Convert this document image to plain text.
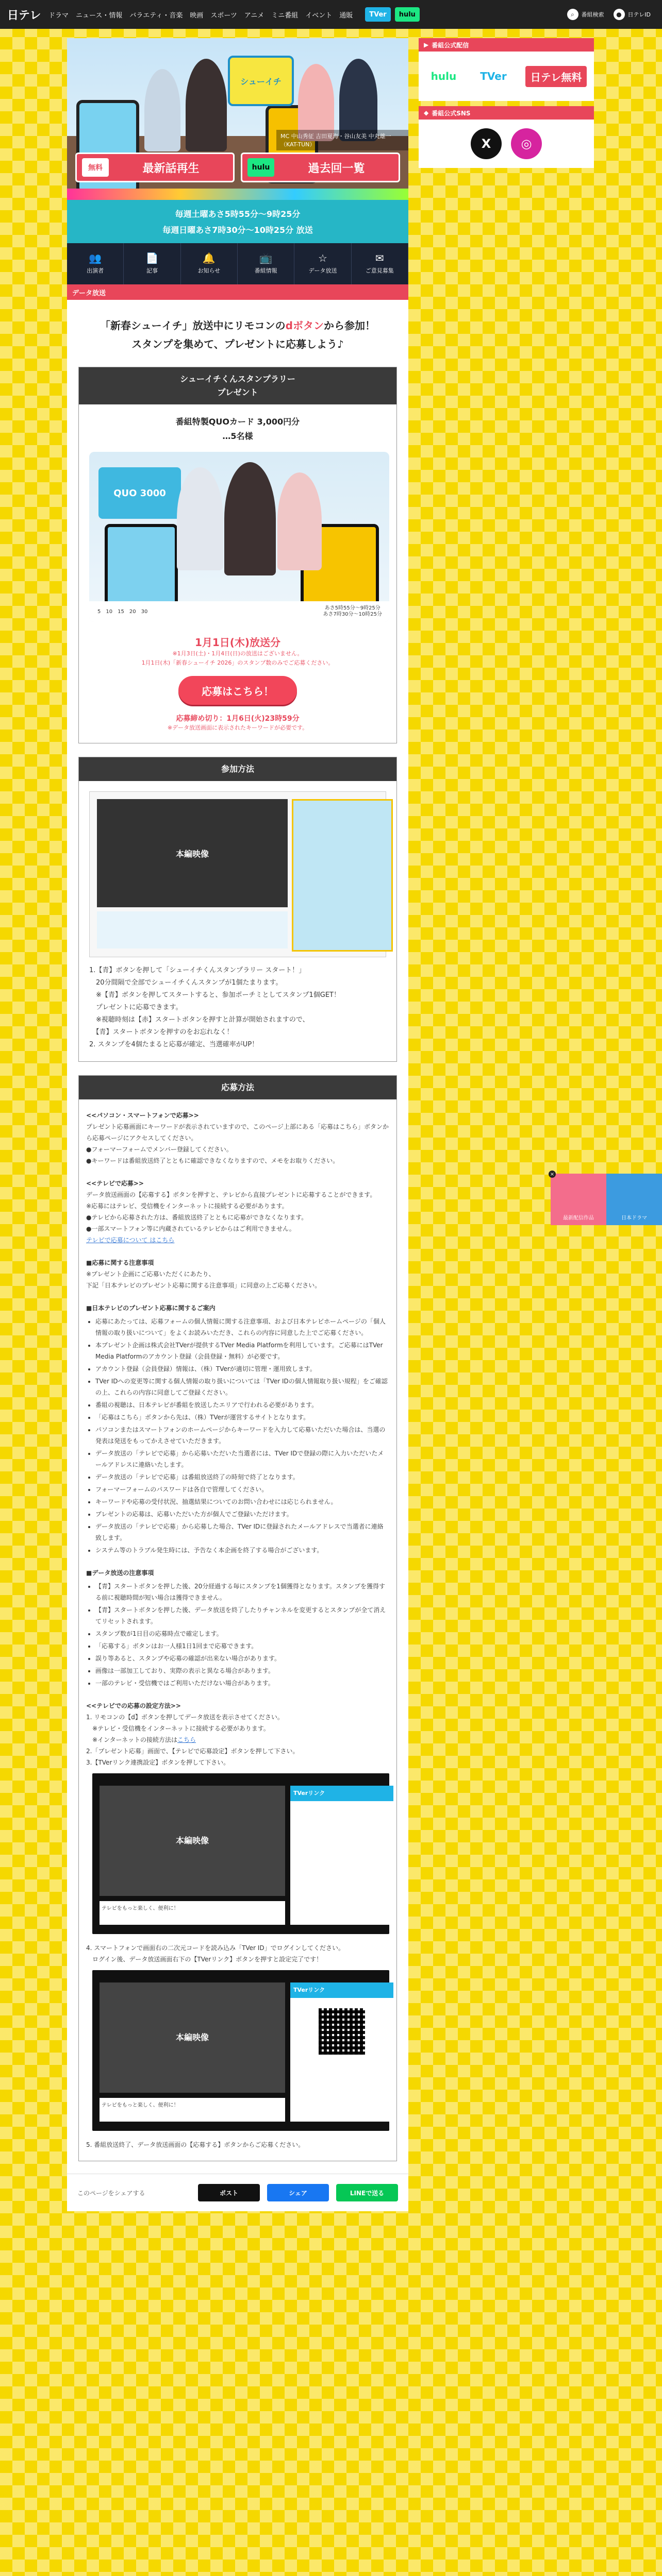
日テレ ドラマ ニュース・情報 バラエティ・音楽 映画 スポーツ アニメ ミニ番組 イベント 通販	TVer	hulu	⌕	番組検索	●	日テレID
シューイチ
MC 中山秀征 吉田夏海・谷山友美 中丸雄一（KAT-TUN）
無料	最新話再生	hulu	過去回一覧
毎週土曜あさ5時55分〜9時25分
毎週日曜あさ7時30分〜10時25分 放送
👥
出演者
📄
記事
🔔
お知らせ
📺
番組情報
☆
データ放送
✉
ご意見募集
データ放送
「新春シューイチ」放送中にリモコンのdボタンから参加！
スタンプを集めて、プレゼントに応募しよう♪
シューイチくんスタンプラリー
プレゼント
番組特製QUOカード 3,000円分
…5名様
QUO 3000
5 10 15 20 30
あさ5時55分〜9時25分
あさ7時30分〜10時25分
1月1日(木)放送分
※1月3日(土)・1月4日(日)の放送はございません。
1月1日(木)「新春シューイチ 2026」のスタンプ数のみでご応募ください。
応募はこちら！
応募締め切り：1月6日(火)23時59分
※データ放送画面に表示されたキーワードが必要です。
参加方法
本編映像
1.【青】ボタンを押して「シューイチくんスタンプラリー スタート！」
　20分間隔で全部でシューイチくんスタンプが1個たまります。
　※【青】ボタンを押してスタートすると、参加ポーチミとしてスタンプ1個GET！
　プレゼントに応募できます。
　※視聴時刻は【赤】スタートボタンを押すと計算が開始されますので、
　【青】スタートボタンを押すのをお忘れなく！
2. スタンプを4個たまると応募が確定、当選確率がUP！
応募方法
<<パソコン・スマートフォンで応募>>
プレゼント応募画面にキーワードが表示されていますので、このページ上部にある「応募はこちら」ボタンから応募ページにアクセスしてください。
●フォーマーフォームでメンバー登録してください。
●キーワードは番組放送終了とともに確認できなくなりますので、メモをお取りください。
<<テレビで応募>>
データ放送画面の【応募する】ボタンを押すと、テレビから直接プレゼントに応募することができます。
※応募にはテレビ、受信機をインターネットに接続する必要があります。
●テレビから応募された方は、番組放送終了とともに応募ができなくなります。
●一部スマートフォン等に内蔵されているテレビからはご利用できません。
テレビで応募について はこちら
■応募に関する注意事項
※プレゼント企画にご応募いただくにあたり、
下記「日本テレビのプレゼント応募に関する注意事項」に同意の上ご応募ください。
■日本テレビのプレゼント応募に関するご案内
• 応募にあたっては、応募フォームの個人情報に関する注意事項、および日本テレビホームページの「個人情報の取り扱いについて」をよくお読みいただき、これらの内容に同意した上でご応募ください。
• 本プレゼント企画は株式会社TVerが提供するTVer Media Platformを利用しています。ご応募にはTVer Media Platformのアカウント登録（会員登録・無料）が必要です。
• アカウント登録（会員登録）情報は、（株）TVerが適切に管理・運用致します。
• TVer IDへの変更等に関する個人情報の取り扱いについては「TVer IDの個人情報取り扱い規程」をご確認の上、これらの内容に同意してご登録ください。
• 番組の視聴は、日本テレビが番組を放送したエリアで行われる必要があります。
• 「応募はこちら」ボタンから先は、（株）TVerが運営するサイトとなります。
• パソコンまたはスマートフォンのホームページからキーワードを入力して応募いただいた場合は、当選の発表は発送をもってかえさせていただきます。
• データ放送の「テレビで応募」から応募いただいた当選者には、TVer IDで登録の際に入力いただいたメールアドレスに連絡いたします。
• データ放送の「テレビで応募」は番組放送終了の時刻で終了となります。
• フォーマーフォームのパスワードは各自で管理してください。
• キーワードや応募の受付状況、抽選結果についてのお問い合わせには応じられません。
• プレゼントの応募は、応募いただいた方が個人でご登録いただけます。
• データ放送の「テレビで応募」から応募した場合、TVer IDに登録されたメールアドレスで当選者に連絡致します。
• システム等のトラブル発生時には、予告なく本企画を終了する場合がございます。
■データ放送の注意事項
• 【青】スタートボタンを押した後、20分経過する毎にスタンプを1個獲得となります。スタンプを獲得する前に視聴時間が短い場合は獲得できません。
• 【青】スタートボタンを押した後、データ放送を終了したりチャンネルを変更するとスタンプが全て消えてリセットされます。
• スタンプ数が1日目の応募時点で確定します。
• 「応募する」ボタンはお一人様1日1回まで応募できます。
• 誤り等あると、スタンプや応募の確認が出来ない場合があります。
• 画像は一部加工しており、実際の表示と異なる場合があります。
• 一部のテレビ・受信機ではご利用いただけない場合があります。
<<テレビでの応募の設定方法>>
1. リモコンの【d】ボタンを押してデータ放送を表示させてください。
　※テレビ・受信機をインターネットに接続する必要があります。
　※インターネットの接続方法はこちら
2.「プレゼント応募」画面で、【テレビで応募設定】ボタンを押して下さい。
3.【TVerリンク連携設定】ボタンを押して下さい。
本編映像
TVerリンク
テレビをもっと楽しく、便利に！
4. スマートフォンで画面右の二次元コードを読み込み「TVer ID」でログインしてください。
　ログイン後、データ放送画面右下の【TVerリンク】ボタンを押すと設定完了です！
本編映像
TVerリンク
テレビをもっと楽しく、便利に！
5. 番組放送終了、データ放送画面の【応募する】ボタンからご応募ください。
このページをシェアする	ポスト	シェア	LINEで送る
▶ 番組公式配信
hulu	TVer	日テレ無料
◆ 番組公式SNS
X	◎
×
最新配信作品	日本ドラマ
